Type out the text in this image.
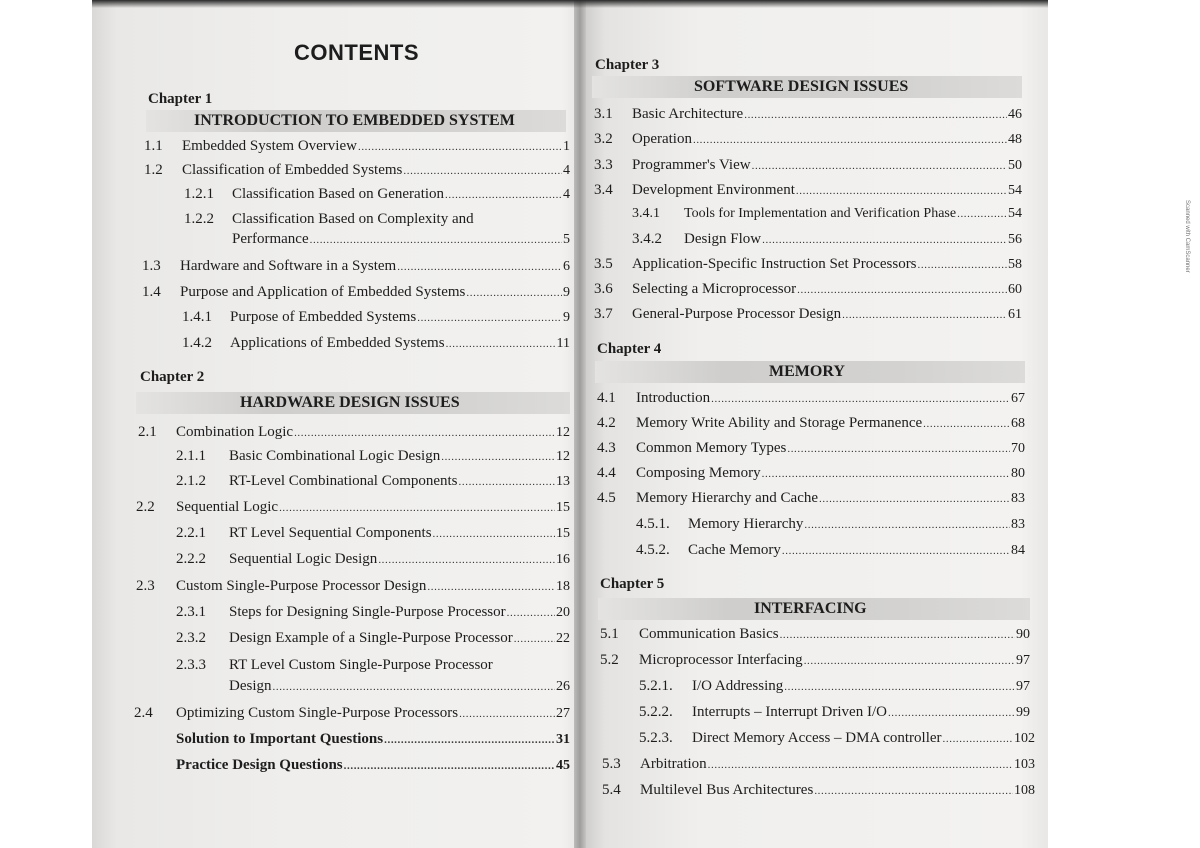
CONTENTS
Chapter 1
INTRODUCTION TO EMBEDDED SYSTEM
1.1	Embedded System Overview .....	1
1.2	Classification of Embedded Systems .....	4
1.2.1	Classification Based on Generation .....	4
1.2.2 Classification Based on Complexity and
Performance .....	5
1.3	Hardware and Software in a System .....	6
1.4	Purpose and Application of Embedded Systems .....	9
1.4.1	Purpose of Embedded Systems .....	9
1.4.2	Applications of Embedded Systems .....	11
Chapter 2
HARDWARE DESIGN ISSUES
2.1	Combination Logic .....	12
2.1.1	Basic Combinational Logic Design .....	12
2.1.2	RT-Level Combinational Components .....	13
2.2	Sequential Logic .....	15
2.2.1	RT Level Sequential Components .....	15
2.2.2	Sequential Logic Design .....	16
2.3	Custom Single-Purpose Processor Design .....	18
2.3.1	Steps for Designing Single-Purpose Processor .....	20
2.3.2	Design Example of a Single-Purpose Processor .....	22
2.3.3 RT Level Custom Single-Purpose Processor
Design .....	26
2.4	Optimizing Custom Single-Purpose Processors .....	27
Solution to Important Questions .....	31
Practice Design Questions .....	45
Chapter 3
SOFTWARE DESIGN ISSUES
3.1	Basic Architecture .....	46
3.2	Operation .....	48
3.3	Programmer's View .....	50
3.4	Development Environment .....	54
3.4.1	Tools for Implementation and Verification Phase .....	54
3.4.2	Design Flow .....	56
3.5	Application-Specific Instruction Set Processors .....	58
3.6	Selecting a Microprocessor .....	60
3.7	General-Purpose Processor Design .....	61
Chapter 4
MEMORY
4.1	Introduction .....	67
4.2	Memory Write Ability and Storage Permanence .....	68
4.3	Common Memory Types .....	70
4.4	Composing Memory .....	80
4.5	Memory Hierarchy and Cache .....	83
4.5.1.	Memory Hierarchy .....	83
4.5.2.	Cache Memory .....	84
Chapter 5
INTERFACING
5.1	Communication Basics .....	90
5.2	Microprocessor Interfacing .....	97
5.2.1.	I/O Addressing .....	97
5.2.2.	Interrupts – Interrupt Driven I/O .....	99
5.2.3.	Direct Memory Access – DMA controller .....	102
5.3	Arbitration .....	103
5.4	Multilevel Bus Architectures .....	108
Scanned with CamScanner
